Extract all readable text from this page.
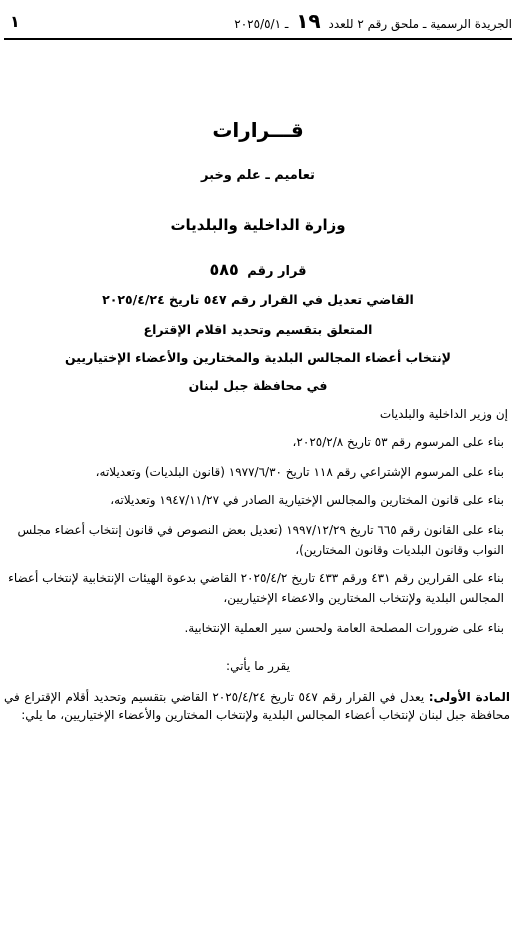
الجريدة الرسمية ـ ملحق رقم ٢ للعدد ١٩ ـ ٢٠٢٥/٥/١
١
قـــرارات
تعاميم ـ علم وخبر
وزارة الداخلية والبلديات
قرار رقم ٥٨٥
القاضي تعديل في القرار رقم ٥٤٧ تاريخ ٢٠٢٥/٤/٢٤
المتعلق بتقسيم وتحديد اقلام الإقتراع
لإنتخاب أعضاء المجالس البلدية والمختارين والأعضاء الإختياريين
في محافظة جبل لبنان
إن وزير الداخلية والبلديات
بناء على المرسوم رقم ٥٣ تاريخ ٢٠٢٥/٢/٨،
بناء على المرسوم الإشتراعي رقم ١١٨ تاريخ ١٩٧٧/٦/٣٠ (قانون البلديات) وتعديلاته،
بناء على قانون المختارين والمجالس الإختيارية الصادر في ١٩٤٧/١١/٢٧ وتعديلاته،
بناء على القانون رقم ٦٦٥ تاريخ ١٩٩٧/١٢/٢٩ (تعديل بعض النصوص في قانون إنتخاب أعضاء مجلس النواب وقانون البلديات وقانون المختارين)،
بناء على القرارين رقم ٤٣١ ورقم ٤٣٣ تاريخ ٢٠٢٥/٤/٢ القاضي بدعوة الهيئات الإنتخابية لإنتخاب أعضاء المجالس البلدية ولإنتخاب المختارين والاعضاء الإختياريين،
بناء على ضرورات المصلحة العامة ولحسن سير العملية الإنتخابية.
يقرر ما يأتي:
المادة الأولى: يعدل في القرار رقم ٥٤٧ تاريخ ٢٠٢٥/٤/٢٤ القاضي بتقسيم وتحديد أقلام الإقتراع في محافظة جبل لبنان لإنتخاب أعضاء المجالس البلدية ولإنتخاب المختارين والأعضاء الإختياريين، ما يلي:
